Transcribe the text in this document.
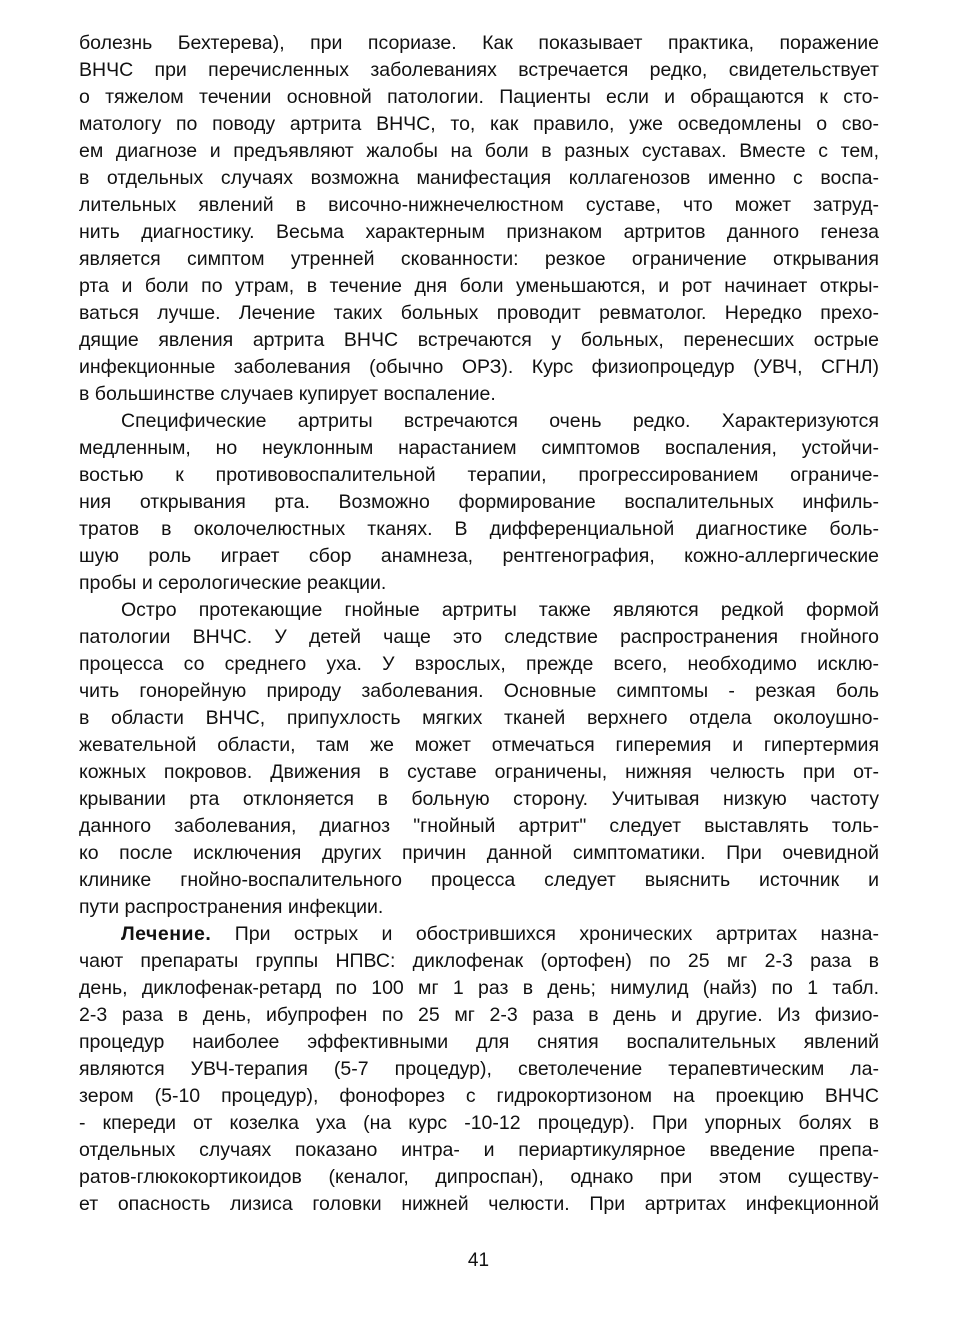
болезнь Бехтерева), при псориазе. Как показывает практика, поражение
ВНЧС при перечисленных заболеваниях встречается редко, свидетельствует
о тяжелом течении основной патологии. Пациенты если и обращаются к сто-
матологу по поводу артрита ВНЧС, то, как правило, уже осведомлены о сво-
ем диагнозе и предъявляют жалобы на боли в разных суставах. Вместе с тем,
в отдельных случаях возможна манифестация коллагенозов именно с воспа-
лительных явлений в височно-нижнечелюстном суставе, что может затруд-
нить диагностику. Весьма характерным признаком артритов данного генеза
является симптом утренней скованности: резкое ограничение открывания
рта и боли по утрам, в течение дня боли уменьшаются, и рот начинает откры-
ваться лучше. Лечение таких больных проводит ревматолог. Нередко прехо-
дящие явления артрита ВНЧС встречаются у больных, перенесших острые
инфекционные заболевания (обычно ОРЗ). Курс физиопроцедур (УВЧ, СГНЛ)
в большинстве случаев купирует воспаление.
Специфические артриты встречаются очень редко. Характеризуются
медленным, но неуклонным нарастанием симптомов воспаления, устойчи-
востью к противовоспалительной терапии, прогрессированием ограниче-
ния открывания рта. Возможно формирование воспалительных инфиль-
тратов в околочелюстных тканях. В дифференциальной диагностике боль-
шую роль играет сбор анамнеза, рентгенография, кожно-аллергические
пробы и серологические реакции.
Остро протекающие гнойные артриты также являются редкой формой
патологии ВНЧС. У детей чаще это следствие распространения гнойного
процесса со среднего уха. У взрослых, прежде всего, необходимо исклю-
чить гонорейную природу заболевания. Основные симптомы - резкая боль
в области ВНЧС, припухлость мягких тканей верхнего отдела околоушно-
жевательной области, там же может отмечаться гиперемия и гипертермия
кожных покровов. Движения в суставе ограничены, нижняя челюсть при от-
крывании рта отклоняется в больную сторону. Учитывая низкую частоту
данного заболевания, диагноз "гнойный артрит" следует выставлять толь-
ко после исключения других причин данной симптоматики. При очевидной
клинике гнойно-воспалительного процесса следует выяснить источник и
пути распространения инфекции.
Лечение. При острых и обострившихся хронических артритах назна-
чают препараты группы НПВС: диклофенак (ортофен) по 25 мг 2-3 раза в
день, диклофенак-ретард по 100 мг 1 раз в день; нимулид (найз) по 1 табл.
2-3 раза в день, ибупрофен по 25 мг 2-3 раза в день и другие. Из физио-
процедур наиболее эффективными для снятия воспалительных явлений
являются УВЧ-терапия (5-7 процедур), светолечение терапевтическим ла-
зером (5-10 процедур), фонофорез с гидрокортизоном на проекцию ВНЧС
- кпереди от козелка уха (на курс -10-12 процедур). При упорных болях в
отдельных случаях показано интра- и периартикулярное введение препа-
ратов-глюкокортикоидов (кеналог, дипроспан), однако при этом существу-
ет опасность лизиса головки нижней челюсти. При артритах инфекционной
41
